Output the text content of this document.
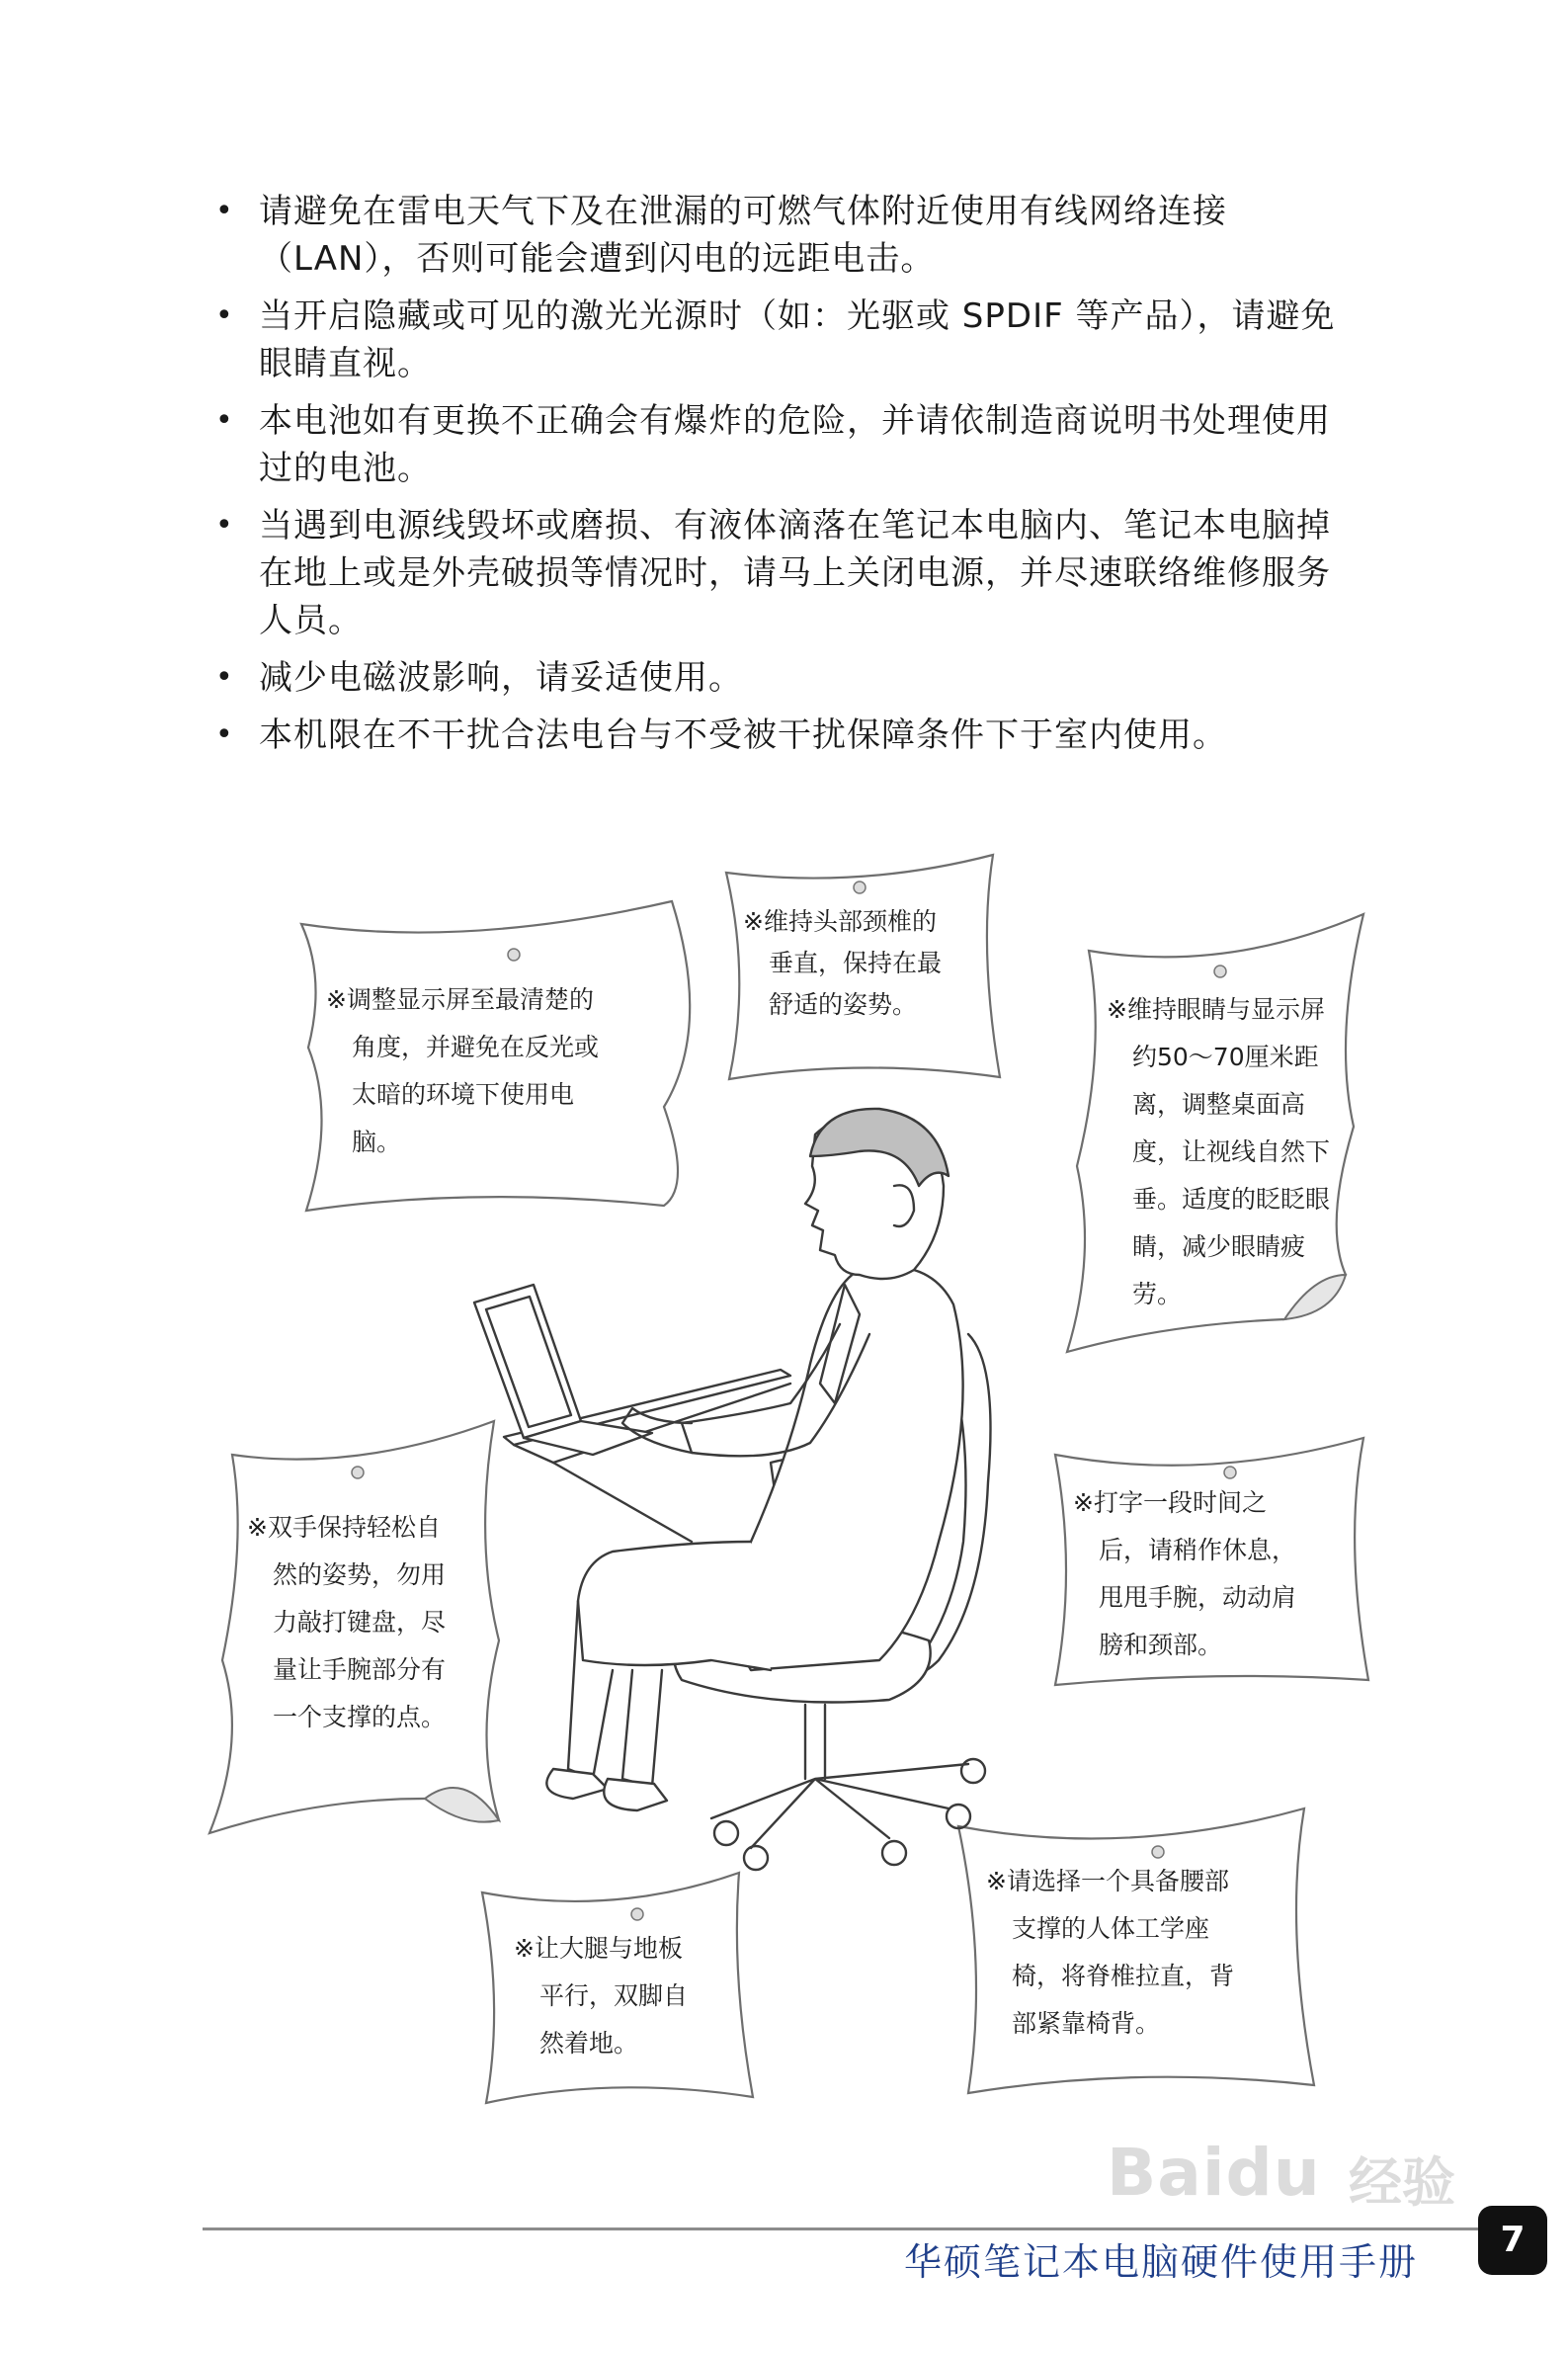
• 请避免在雷电天气下及在泄漏的可燃气体附近使用有线网络连接
（LAN），否则可能会遭到闪电的远距电击。
• 当开启隐藏或可见的激光光源时（如：光驱或 SPDIF 等产品），请避免
眼睛直视。
• 本电池如有更换不正确会有爆炸的危险，并请依制造商说明书处理使用
过的电池。
• 当遇到电源线毁坏或磨损、有液体滴落在笔记本电脑内、笔记本电脑掉
在地上或是外壳破损等情况时，请马上关闭电源，并尽速联络维修服务
人员。
• 减少电磁波影响，请妥适使用。
• 本机限在不干扰合法电台与不受被干扰保障条件下于室内使用。
※调整显示屏至最清楚的
角度，并避免在反光或
太暗的环境下使用电
脑。
※维持头部颈椎的
垂直，保持在最
舒适的姿势。	※维持眼睛与显示屏
约50～70厘米距
离，调整桌面高
度，让视线自然下
垂。适度的眨眨眼
睛，减少眼睛疲
劳。
※双手保持轻松自
然的姿势，勿用
力敲打键盘，尽
量让手腕部分有
一个支撑的点。
※打字一段时间之
后，请稍作休息，
甩甩手腕，动动肩
膀和颈部。
※让大腿与地板
平行，双脚自
然着地。
※请选择一个具备腰部
支撑的人体工学座
椅，将脊椎拉直，背
部紧靠椅背。
Baidu 经验
华硕笔记本电脑硬件使用手册
7
